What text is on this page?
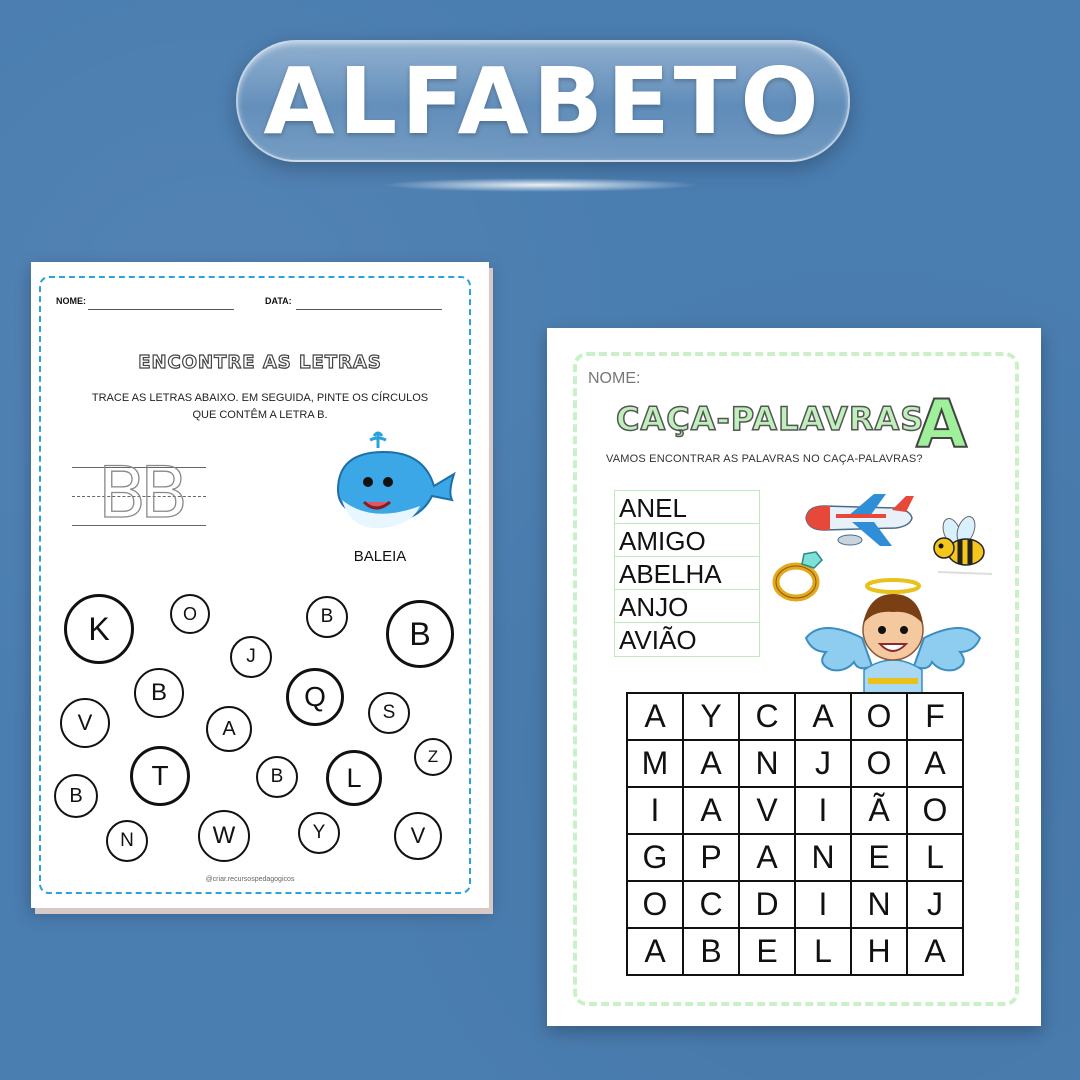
ALFABETO
NOME:	DATA:
ENCONTRE AS LETRAS
TRACE AS LETRAS ABAIXO. EM SEGUIDA, PINTE OS CÍRCULOS
QUE CONTÊM A LETRA B.
B
B
BALEIA
K	O	B	B
J
B	Q
V	A
S
Z
T	B	L
B
W	Y	V
N
@criar.recursospedagogicos
NOME:
CAÇA-PALAVRAS
A
VAMOS ENCONTRAR AS PALAVRAS NO CAÇA-PALAVRAS?
ANEL
AMIGO
ABELHA
ANJO
AVIÃO
A	Y	C	A	O	F
M	A	N	J	O	A
I	A	V	I	Ã	O
G	P	A	N	E	L
O	C	D	I	N	J
A	B	E	L	H	A
